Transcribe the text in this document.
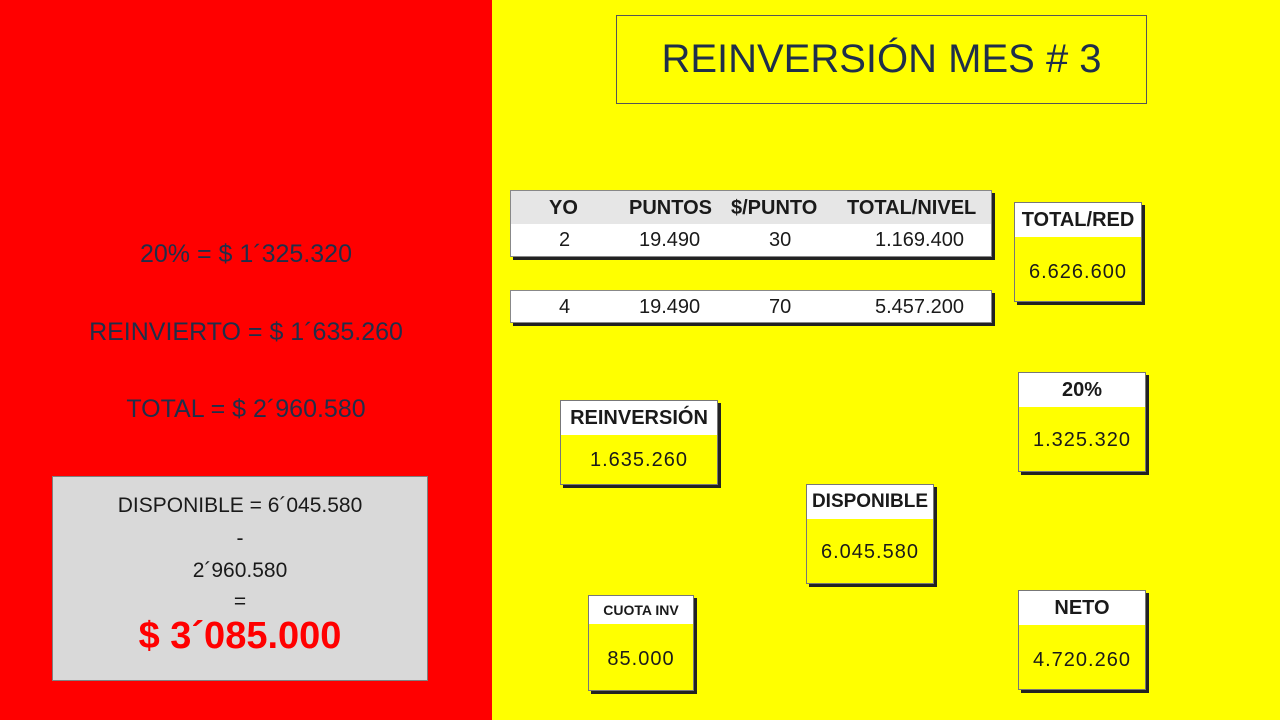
20% = $ 1´325.320
REINVIERTO = $ 1´635.260
TOTAL = $ 2´960.580
DISPONIBLE = 6´045.580
-
2´960.580
=
$ 3´085.000
REINVERSIÓN MES # 3
YO	PUNTOS $/PUNTO TOTAL/NIVEL
2	19.490	30	1.169.400
4	19.490	70	5.457.200
TOTAL/RED
6.626.600
20%
1.325.320
REINVERSIÓN
1.635.260
DISPONIBLE
6.045.580
CUOTA INV
85.000
NETO
4.720.260
